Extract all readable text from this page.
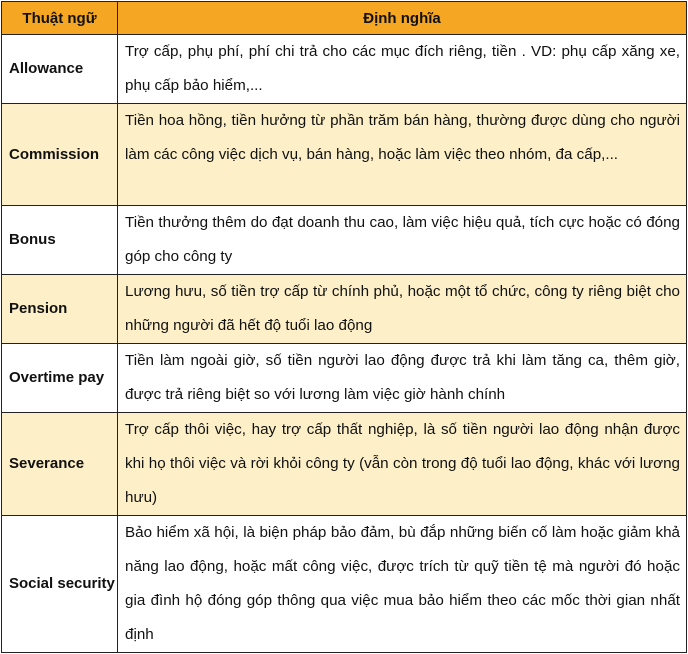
Thuật ngữ	Định nghĩa
Allowance	Trợ cấp, phụ phí, phí chi trả cho các mục đích riêng, tiền . VD: phụ cấp xăng xe, phụ cấp bảo hiểm,...
Commission	Tiền hoa hồng, tiền hưởng từ phần trăm bán hàng, thường được dùng cho người làm các công việc dịch vụ, bán hàng, hoặc làm việc theo nhóm, đa cấp,...
Bonus	Tiền thưởng thêm do đạt doanh thu cao, làm việc hiệu quả, tích cực hoặc có đóng góp cho công ty
Pension	Lương hưu, số tiền trợ cấp từ chính phủ, hoặc một tổ chức, công ty riêng biệt cho những người đã hết độ tuổi lao động
Overtime pay	Tiền làm ngoài giờ, số tiền người lao động được trả khi làm tăng ca, thêm giờ, được trả riêng biệt so với lương làm việc giờ hành chính
Severance	Trợ cấp thôi việc, hay trợ cấp thất nghiệp, là số tiền người lao động nhận được khi họ thôi việc và rời khỏi công ty (vẫn còn trong độ tuổi lao động, khác với lương hưu)
Social security	Bảo hiểm xã hội, là biện pháp bảo đảm, bù đắp những biến cố làm hoặc giảm khả năng lao động, hoặc mất công việc, được trích từ quỹ tiền tệ mà người đó hoặc gia đình hộ đóng góp thông qua việc mua bảo hiểm theo các mốc thời gian nhất định
